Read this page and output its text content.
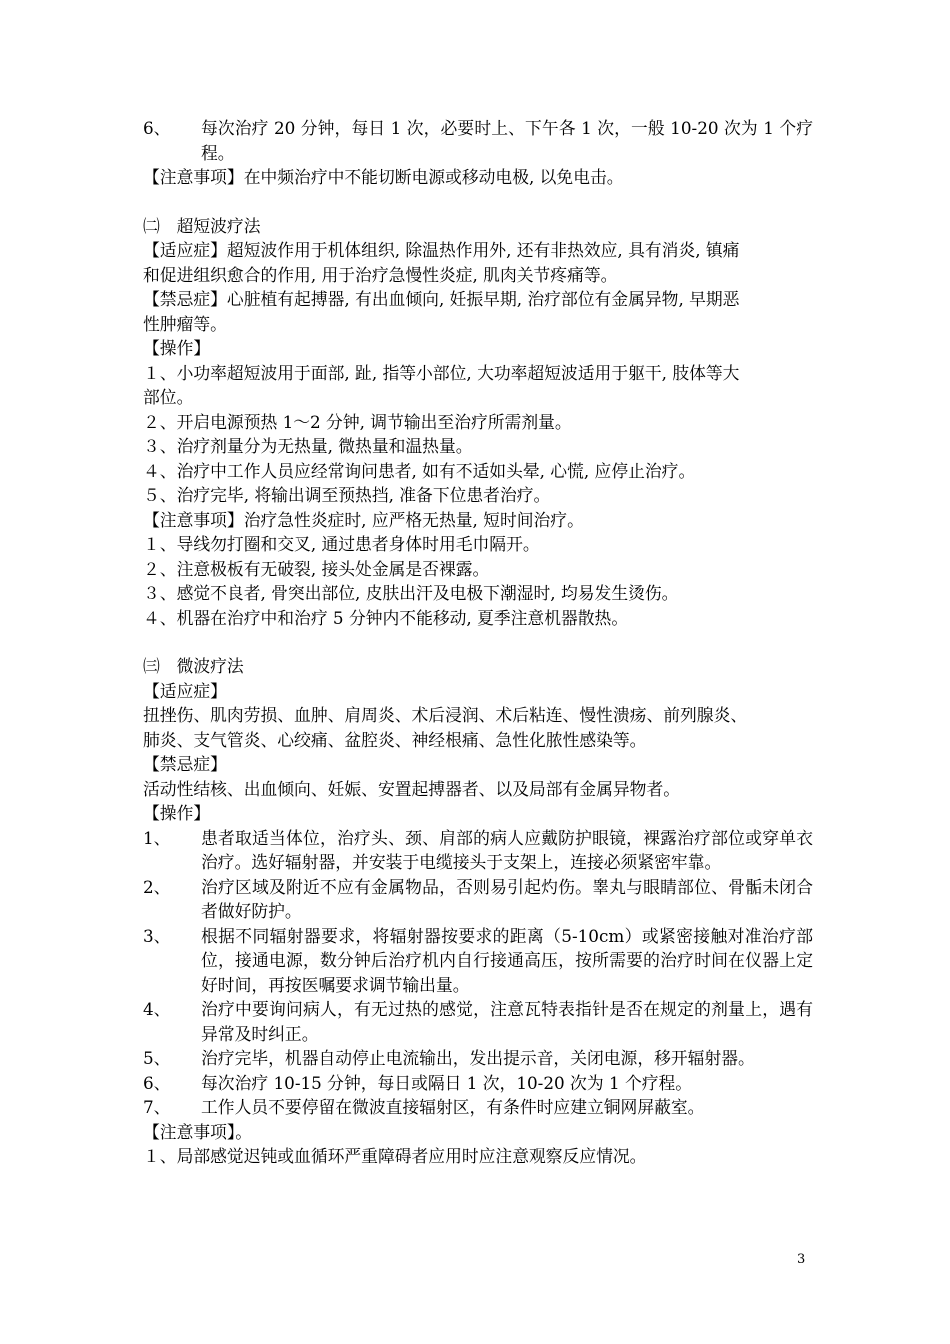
6、	每次治疗 20 分钟，每日 1 次，必要时上、下午各 1 次，一般 10-20 次为 1 个疗程。
【注意事项】在中频治疗中不能切断电源或移动电极, 以免电击。
㈡　超短波疗法
【适应症】超短波作用于机体组织, 除温热作用外, 还有非热效应, 具有消炎, 镇痛
和促进组织愈合的作用, 用于治疗急慢性炎症, 肌肉关节疼痛等。
【禁忌症】心脏植有起搏器, 有出血倾向, 妊振早期, 治疗部位有金属异物, 早期恶
性肿瘤等。
【操作】
１、小功率超短波用于面部, 趾, 指等小部位, 大功率超短波适用于躯干, 肢体等大
部位。
２、开启电源预热 1～2 分钟, 调节输出至治疗所需剂量。
３、治疗剂量分为无热量, 微热量和温热量。
４、治疗中工作人员应经常询问患者, 如有不适如头晕, 心慌, 应停止治疗。
５、治疗完毕, 将输出调至预热挡, 准备下位患者治疗。
【注意事项】治疗急性炎症时, 应严格无热量, 短时间治疗。
１、导线勿打圈和交叉, 通过患者身体时用毛巾隔开。
２、注意极板有无破裂, 接头处金属是否裸露。
３、感觉不良者, 骨突出部位, 皮肤出汗及电极下潮湿时, 均易发生烫伤。
４、机器在治疗中和治疗 5 分钟内不能移动, 夏季注意机器散热。
㈢　微波疗法
【适应症】
扭挫伤、肌肉劳损、血肿、肩周炎、术后浸润、术后粘连、慢性溃疡、前列腺炎、
肺炎、支气管炎、心绞痛、盆腔炎、神经根痛、急性化脓性感染等。
【禁忌症】
活动性结核、出血倾向、妊娠、安置起搏器者、以及局部有金属异物者。
【操作】
1、	患者取适当体位，治疗头、颈、肩部的病人应戴防护眼镜，裸露治疗部位或穿单衣治疗。选好辐射器，并安装于电缆接头于支架上，连接必须紧密牢靠。
2、	治疗区域及附近不应有金属物品，否则易引起灼伤。睾丸与眼睛部位、骨骺未闭合者做好防护。
3、	根据不同辐射器要求，将辐射器按要求的距离（5-10cm）或紧密接触对准治疗部位，接通电源，数分钟后治疗机内自行接通高压，按所需要的治疗时间在仪器上定好时间，再按医嘱要求调节输出量。
4、	治疗中要询问病人，有无过热的感觉，注意瓦特表指针是否在规定的剂量上，遇有异常及时纠正。
5、	治疗完毕，机器自动停止电流输出，发出提示音，关闭电源，移开辐射器。
6、	每次治疗 10-15 分钟，每日或隔日 1 次，10-20 次为 1 个疗程。
7、	工作人员不要停留在微波直接辐射区，有条件时应建立铜网屏蔽室。
【注意事项】。
１、局部感觉迟钝或血循环严重障碍者应用时应注意观察反应情况。
3
